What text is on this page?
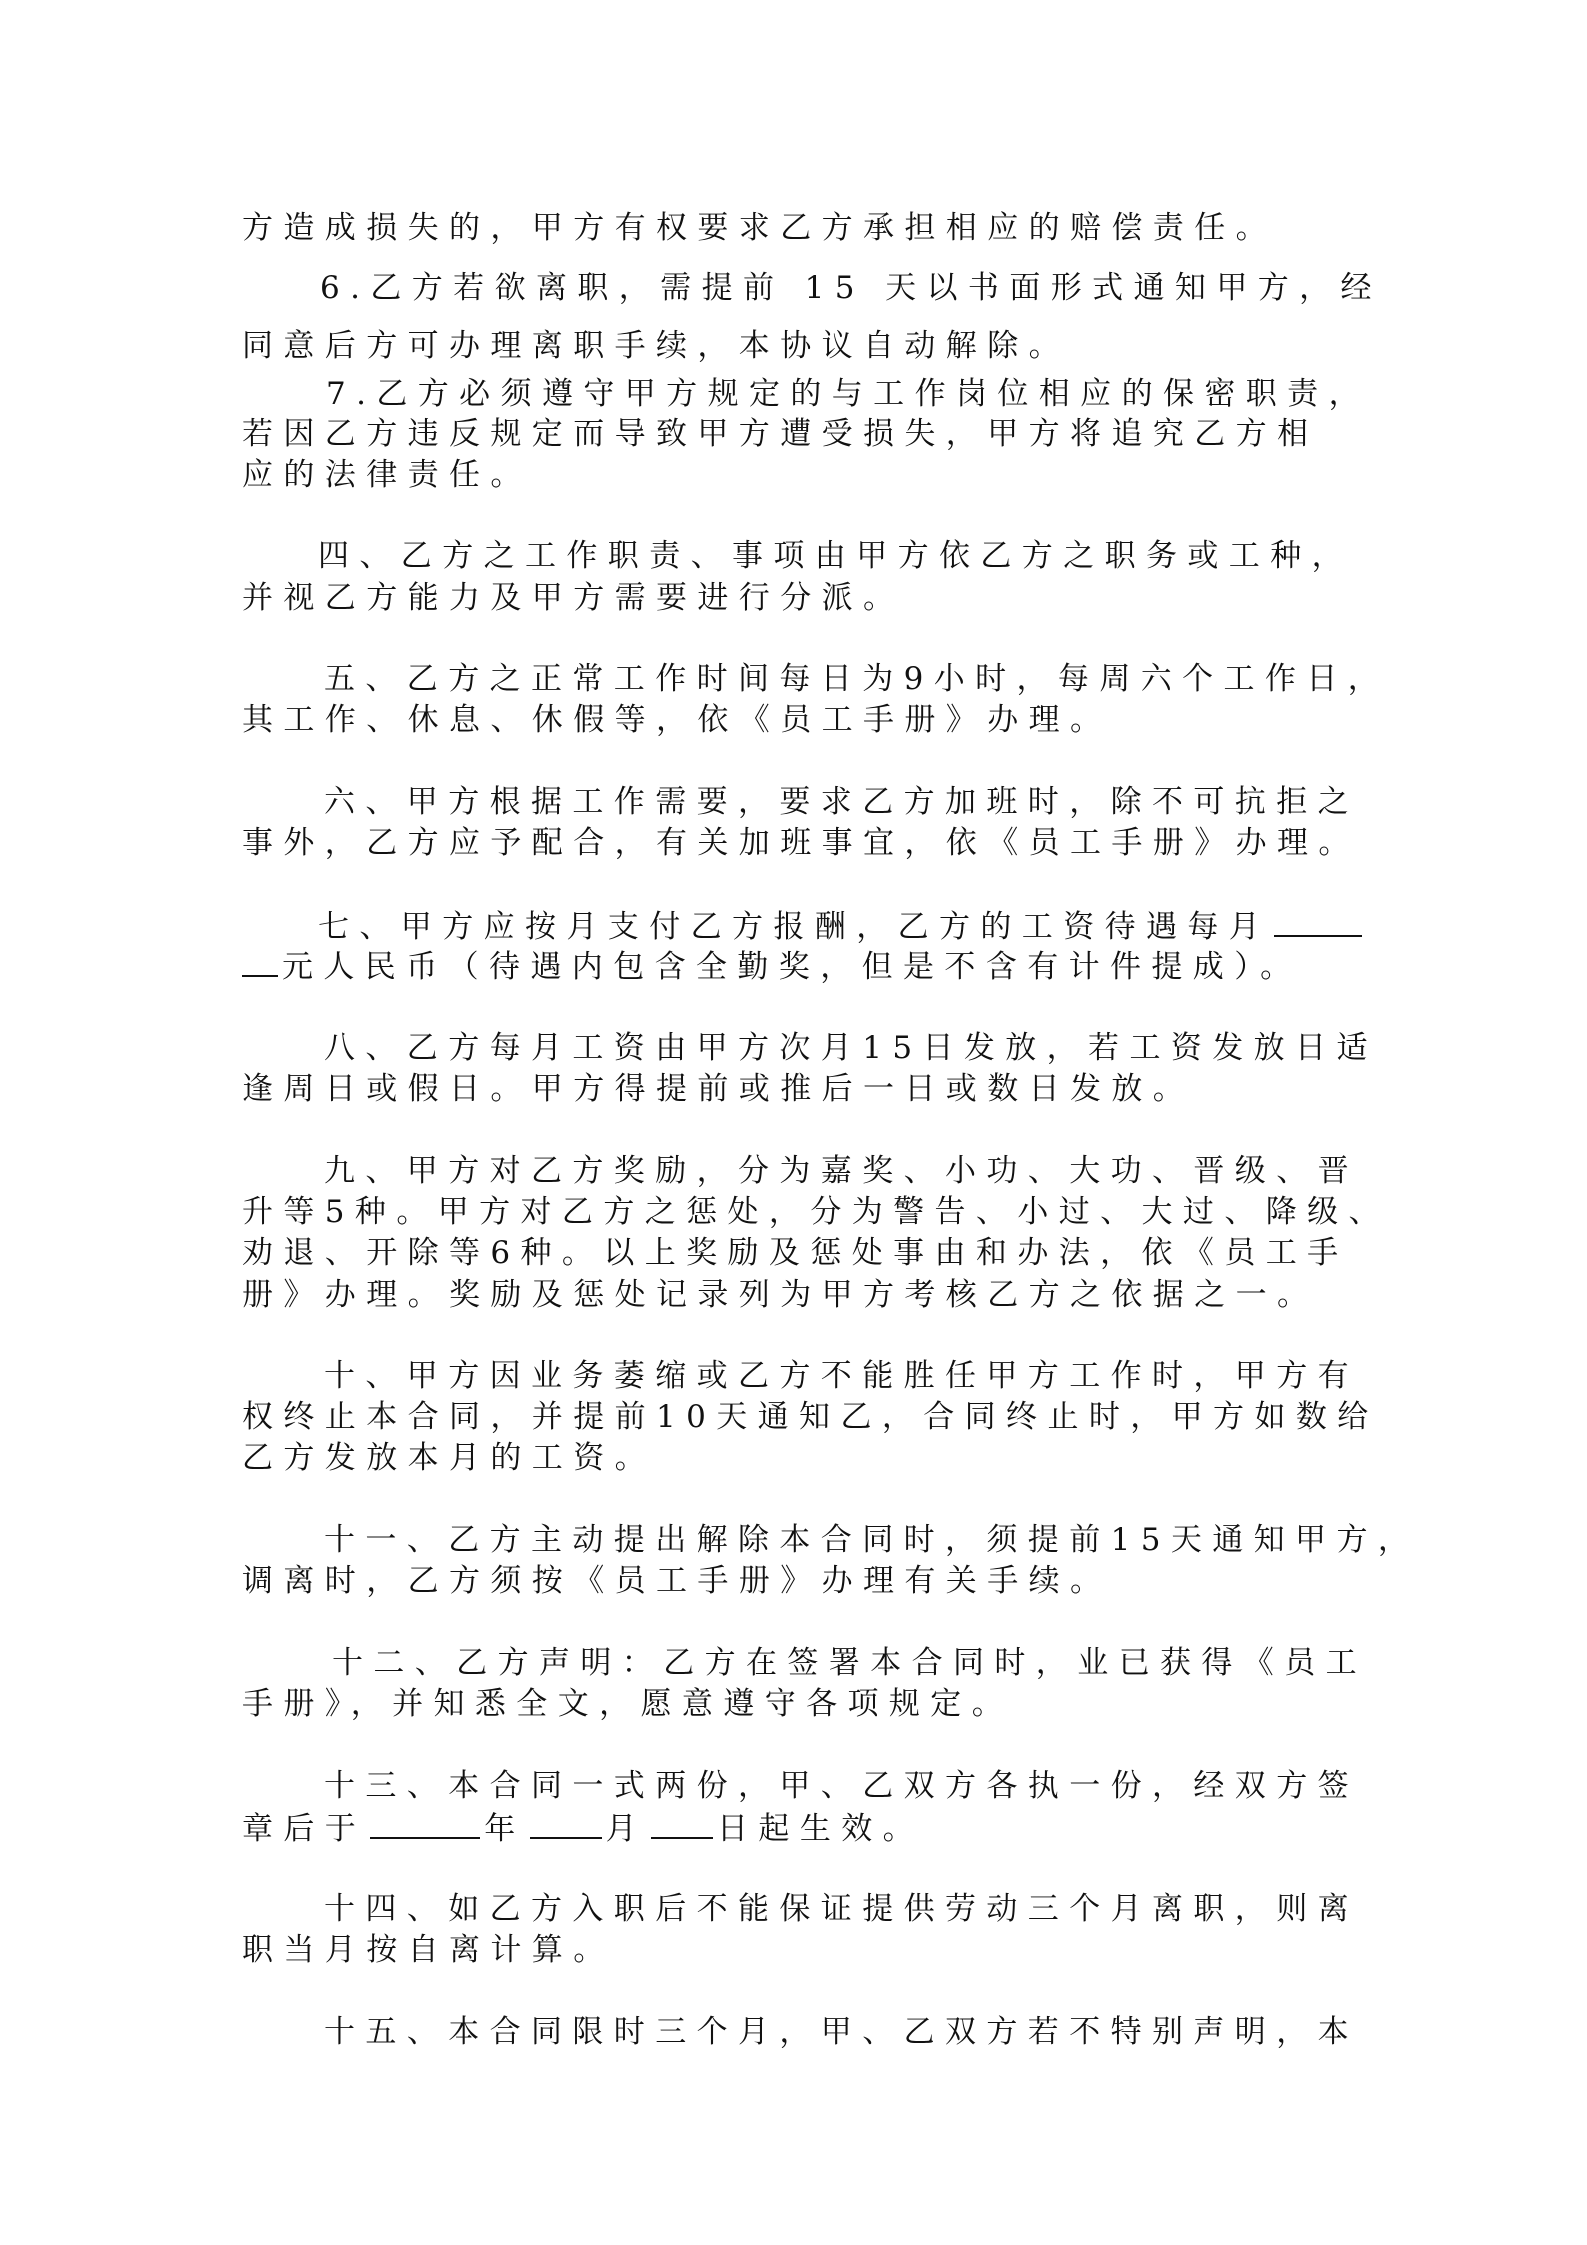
方造成损失的，甲方有权要求乙方承担相应的赔偿责任。
6.乙方若欲离职，需提前 15 天以书面形式通知甲方，经
同意后方可办理离职手续，本协议自动解除。
7.乙方必须遵守甲方规定的与工作岗位相应的保密职责，
若因乙方违反规定而导致甲方遭受损失，甲方将追究乙方相
应的法律责任。
四、乙方之工作职责、事项由甲方依乙方之职务或工种，
并视乙方能力及甲方需要进行分派。
五、乙方之正常工作时间每日为9小时，每周六个工作日，
其工作、休息、休假等，依《员工手册》办理。
六、甲方根据工作需要，要求乙方加班时，除不可抗拒之
事外，乙方应予配合，有关加班事宜，依《员工手册》办理。
七、甲方应按月支付乙方报酬，乙方的工资待遇每月
元人民币（待遇内包含全勤奖，但是不含有计件提成）。
八、乙方每月工资由甲方次月15日发放，若工资发放日适
逢周日或假日。甲方得提前或推后一日或数日发放。
九、甲方对乙方奖励，分为嘉奖、小功、大功、晋级、晋
升等5种。甲方对乙方之惩处，分为警告、小过、大过、降级、
劝退、开除等6种。以上奖励及惩处事由和办法，依《员工手
册》办理。奖励及惩处记录列为甲方考核乙方之依据之一。
十、甲方因业务萎缩或乙方不能胜任甲方工作时，甲方有
权终止本合同，并提前10天通知乙，合同终止时，甲方如数给
乙方发放本月的工资。
十一、乙方主动提出解除本合同时，须提前15天通知甲方，
调离时，乙方须按《员工手册》办理有关手续。
十二、乙方声明：乙方在签署本合同时，业已获得《员工
手册》，并知悉全文，愿意遵守各项规定。
十三、本合同一式两份，甲、乙双方各执一份，经双方签
章后于	年	月 日起生效。
十四、如乙方入职后不能保证提供劳动三个月离职，则离
职当月按自离计算。
十五、本合同限时三个月，甲、乙双方若不特别声明，本
